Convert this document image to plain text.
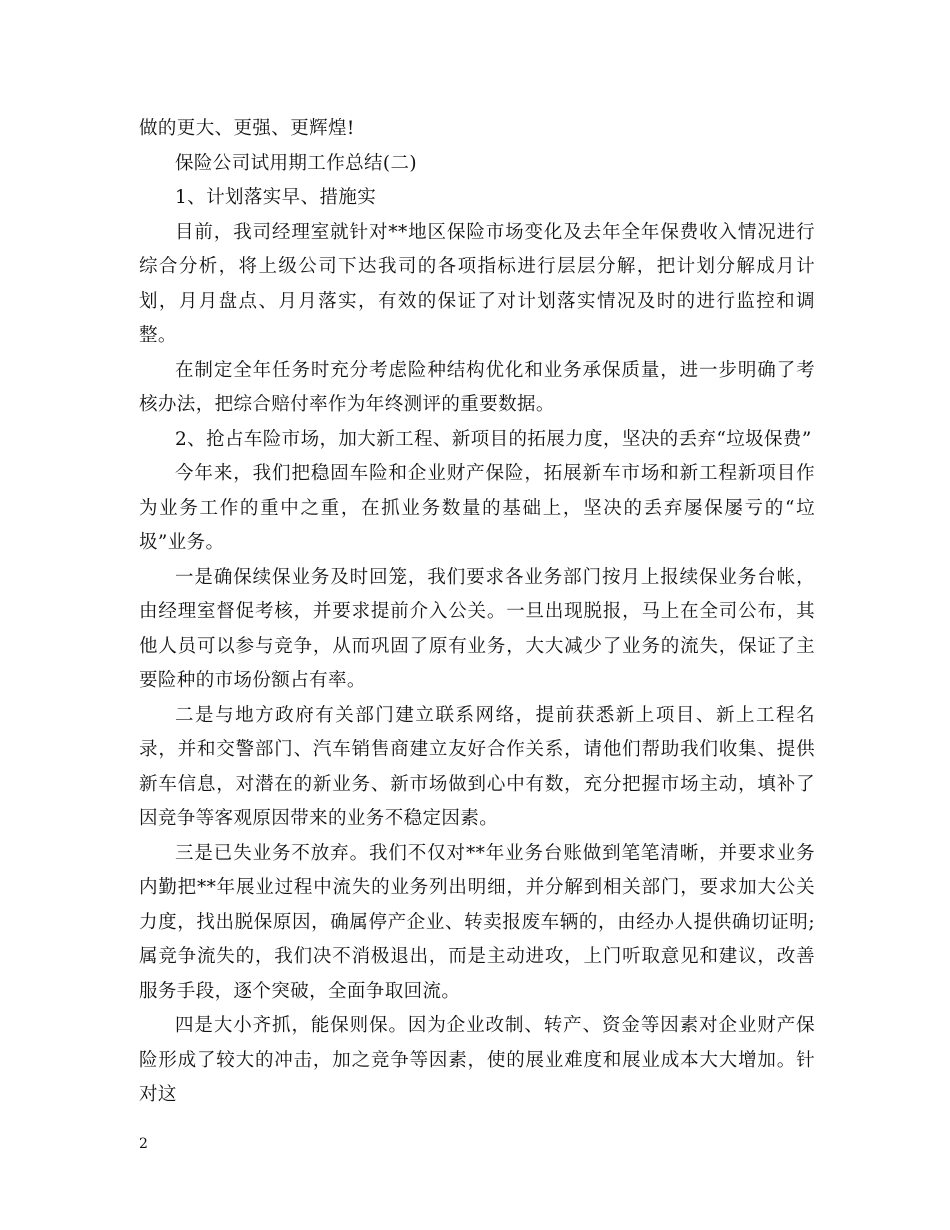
做的更大、更强、更辉煌!

保险公司试用期工作总结(二)

1、计划落实早、措施实

目前，我司经理室就针对**地区保险市场变化及去年全年保费收入情况进行综合分析，将上级公司下达我司的各项指标进行层层分解，把计划分解成月计划，月月盘点、月月落实，有效的保证了对计划落实情况及时的进行监控和调整。

在制定全年任务时充分考虑险种结构优化和业务承保质量，进一步明确了考核办法，把综合赔付率作为年终测评的重要数据。

2、抢占车险市场，加大新工程、新项目的拓展力度，坚决的丢弃“垃圾保费”

今年来，我们把稳固车险和企业财产保险，拓展新车市场和新工程新项目作为业务工作的重中之重，在抓业务数量的基础上，坚决的丢弃屡保屡亏的“垃圾”业务。

一是确保续保业务及时回笼，我们要求各业务部门按月上报续保业务台帐，由经理室督促考核，并要求提前介入公关。一旦出现脱报，马上在全司公布，其他人员可以参与竞争，从而巩固了原有业务，大大减少了业务的流失，保证了主要险种的市场份额占有率。

二是与地方政府有关部门建立联系网络，提前获悉新上项目、新上工程名录，并和交警部门、汽车销售商建立友好合作关系，请他们帮助我们收集、提供新车信息，对潜在的新业务、新市场做到心中有数，充分把握市场主动，填补了因竞争等客观原因带来的业务不稳定因素。

三是已失业务不放弃。我们不仅对**年业务台账做到笔笔清晰，并要求业务内勤把**年展业过程中流失的业务列出明细，并分解到相关部门，要求加大公关力度，找出脱保原因，确属停产企业、转卖报废车辆的，由经办人提供确切证明;属竞争流失的，我们决不消极退出，而是主动进攻，上门听取意见和建议，改善服务手段，逐个突破，全面争取回流。

四是大小齐抓，能保则保。因为企业改制、转产、资金等因素对企业财产保险形成了较大的冲击，加之竞争等因素，使的展业难度和展业成本大大增加。针对这

2
